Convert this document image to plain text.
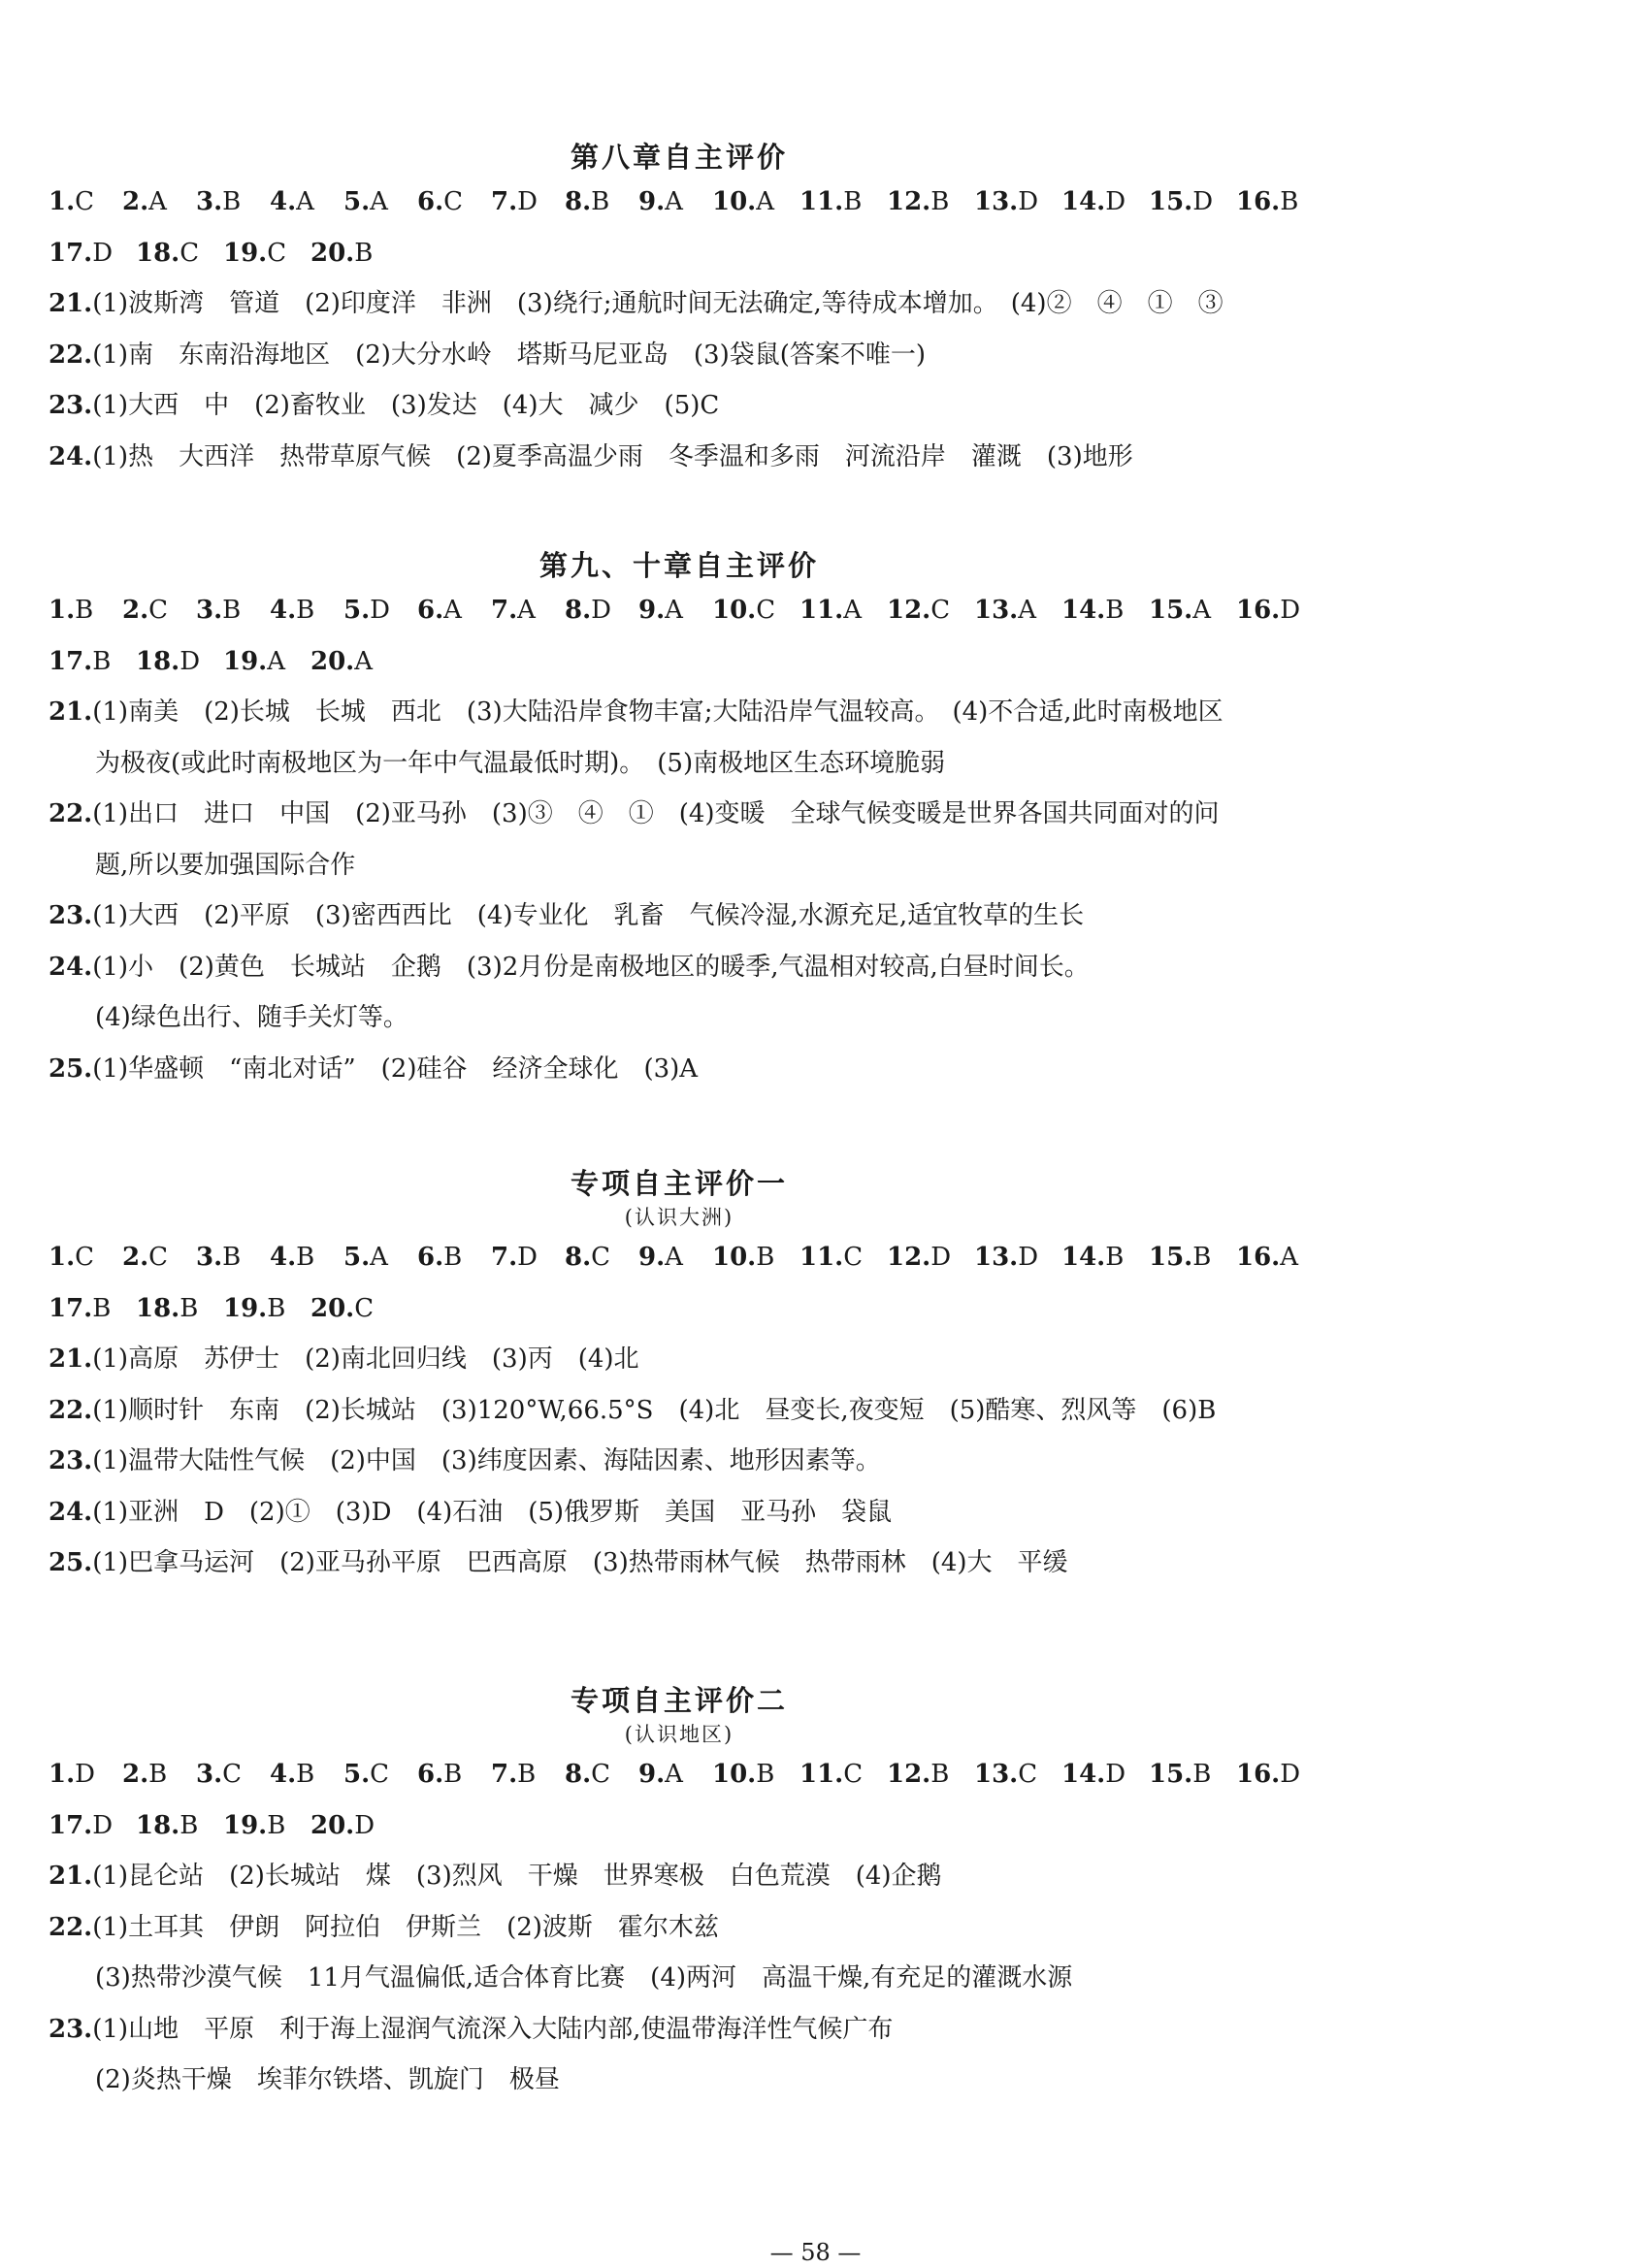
第八章自主评价
1.C	2.A	3.B	4.A	5.A	6.C	7.D	8.B	9.A	10.A 11.B 12.B 13.D 14.D 15.D 16.B
17.D 18.C 19.C 20.B
21.(1)波斯湾　管道　(2)印度洋　非洲　(3)绕行;通航时间无法确定,等待成本增加。　(4)②　④　①　③
22.(1)南　东南沿海地区　(2)大分水岭　塔斯马尼亚岛　(3)袋鼠(答案不唯一)
23.(1)大西　中　(2)畜牧业　(3)发达　(4)大　减少　(5)C
24.(1)热　大西洋　热带草原气候　(2)夏季高温少雨　冬季温和多雨　河流沿岸　灌溉　(3)地形
第九、十章自主评价
1.B	2.C	3.B	4.B	5.D	6.A	7.A	8.D	9.A	10.C 11.A 12.C 13.A 14.B 15.A 16.D
17.B 18.D 19.A 20.A
21.(1)南美　(2)长城　长城　西北　(3)大陆沿岸食物丰富;大陆沿岸气温较高。　(4)不合适,此时南极地区
为极夜(或此时南极地区为一年中气温最低时期)。　(5)南极地区生态环境脆弱
22.(1)出口　进口　中国　(2)亚马孙　(3)③　④　①　(4)变暖　全球气候变暖是世界各国共同面对的问
题,所以要加强国际合作
23.(1)大西　(2)平原　(3)密西西比　(4)专业化　乳畜　气候冷湿,水源充足,适宜牧草的生长
24.(1)小　(2)黄色　长城站　企鹅　(3)2月份是南极地区的暖季,气温相对较高,白昼时间长。
(4)绿色出行、随手关灯等。
25.(1)华盛顿　“南北对话”　(2)硅谷　经济全球化　(3)A
专项自主评价一
(认识大洲)
1.C	2.C	3.B	4.B	5.A	6.B	7.D	8.C	9.A	10.B 11.C 12.D 13.D 14.B 15.B 16.A
17.B 18.B 19.B 20.C
21.(1)高原　苏伊士　(2)南北回归线　(3)丙　(4)北
22.(1)顺时针　东南　(2)长城站　(3)120°W,66.5°S　(4)北　昼变长,夜变短　(5)酷寒、烈风等　(6)B
23.(1)温带大陆性气候　(2)中国　(3)纬度因素、海陆因素、地形因素等。
24.(1)亚洲　D　(2)①　(3)D　(4)石油　(5)俄罗斯　美国　亚马孙　袋鼠
25.(1)巴拿马运河　(2)亚马孙平原　巴西高原　(3)热带雨林气候　热带雨林　(4)大　平缓
专项自主评价二
(认识地区)
1.D	2.B	3.C	4.B	5.C	6.B	7.B	8.C	9.A	10.B 11.C 12.B 13.C 14.D 15.B 16.D
17.D 18.B 19.B 20.D
21.(1)昆仑站　(2)长城站　煤　(3)烈风　干燥　世界寒极　白色荒漠　(4)企鹅
22.(1)土耳其　伊朗　阿拉伯　伊斯兰　(2)波斯　霍尔木兹
(3)热带沙漠气候　11月气温偏低,适合体育比赛　(4)两河　高温干燥,有充足的灌溉水源
23.(1)山地　平原　利于海上湿润气流深入大陆内部,使温带海洋性气候广布
(2)炎热干燥　埃菲尔铁塔、凯旋门　极昼
— 58 —
